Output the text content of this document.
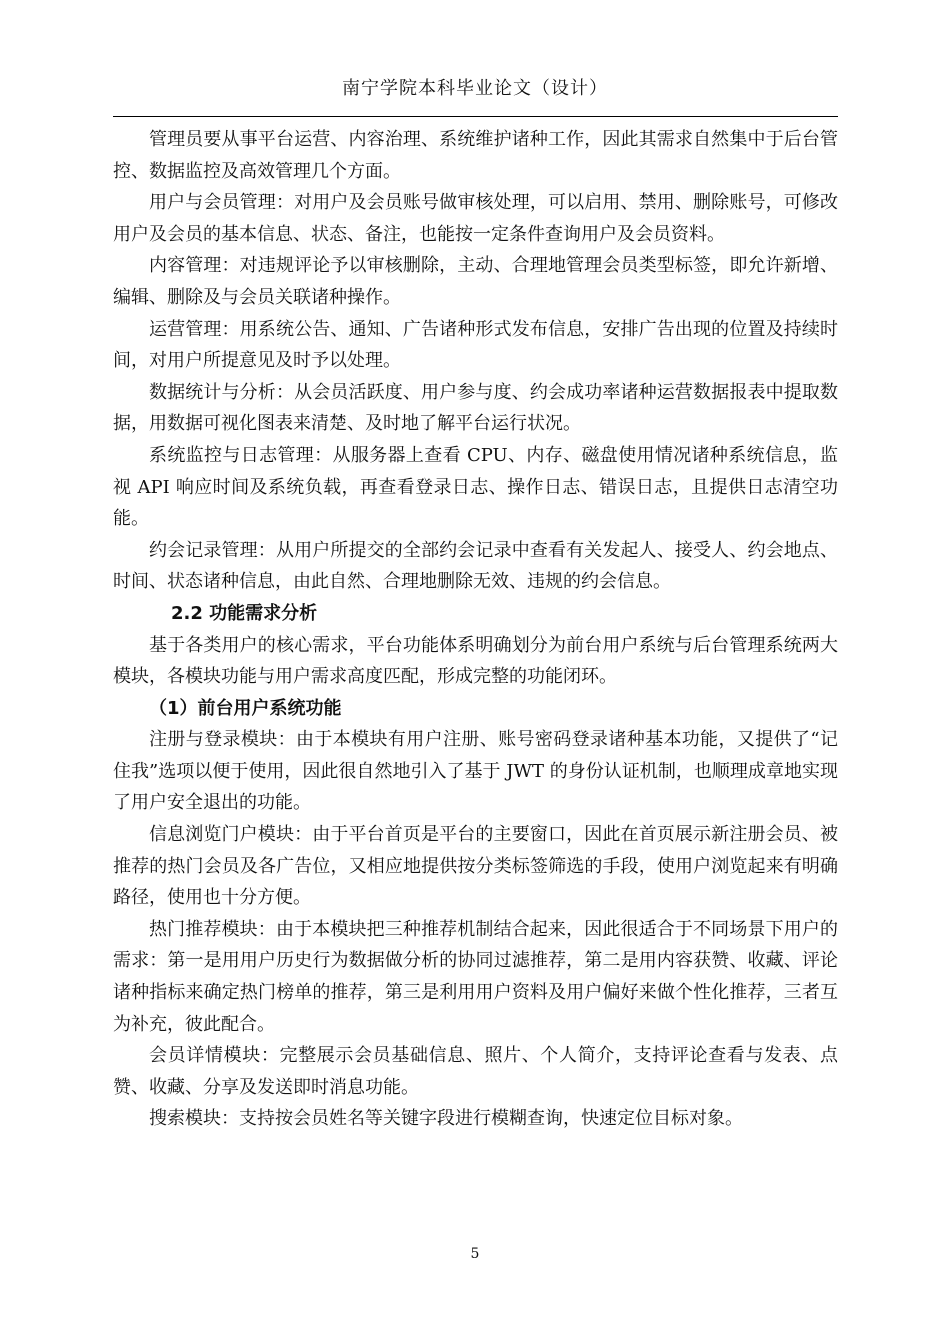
南宁学院本科毕业论文（设计）

管理员要从事平台运营、内容治理、系统维护诸种工作，因此其需求自然集中于后台管控、数据监控及高效管理几个方面。

用户与会员管理：对用户及会员账号做审核处理，可以启用、禁用、删除账号，可修改用户及会员的基本信息、状态、备注，也能按一定条件查询用户及会员资料。

内容管理：对违规评论予以审核删除，主动、合理地管理会员类型标签，即允许新增、编辑、删除及与会员关联诸种操作。

运营管理：用系统公告、通知、广告诸种形式发布信息，安排广告出现的位置及持续时间，对用户所提意见及时予以处理。

数据统计与分析：从会员活跃度、用户参与度、约会成功率诸种运营数据报表中提取数据，用数据可视化图表来清楚、及时地了解平台运行状况。

系统监控与日志管理：从服务器上查看 CPU、内存、磁盘使用情况诸种系统信息，监视 API 响应时间及系统负载，再查看登录日志、操作日志、错误日志，且提供日志清空功能。

约会记录管理：从用户所提交的全部约会记录中查看有关发起人、接受人、约会地点、时间、状态诸种信息，由此自然、合理地删除无效、违规的约会信息。

2.2 功能需求分析

基于各类用户的核心需求，平台功能体系明确划分为前台用户系统与后台管理系统两大模块，各模块功能与用户需求高度匹配，形成完整的功能闭环。

（1）前台用户系统功能

注册与登录模块：由于本模块有用户注册、账号密码登录诸种基本功能，又提供了“记住我”选项以便于使用，因此很自然地引入了基于 JWT 的身份认证机制，也顺理成章地实现了用户安全退出的功能。

信息浏览门户模块：由于平台首页是平台的主要窗口，因此在首页展示新注册会员、被推荐的热门会员及各广告位，又相应地提供按分类标签筛选的手段，使用户浏览起来有明确路径，使用也十分方便。

热门推荐模块：由于本模块把三种推荐机制结合起来，因此很适合于不同场景下用户的需求：第一是用用户历史行为数据做分析的协同过滤推荐，第二是用内容获赞、收藏、评论诸种指标来确定热门榜单的推荐，第三是利用用户资料及用户偏好来做个性化推荐，三者互为补充，彼此配合。

会员详情模块：完整展示会员基础信息、照片、个人简介，支持评论查看与发表、点赞、收藏、分享及发送即时消息功能。

搜索模块：支持按会员姓名等关键字段进行模糊查询，快速定位目标对象。

5
